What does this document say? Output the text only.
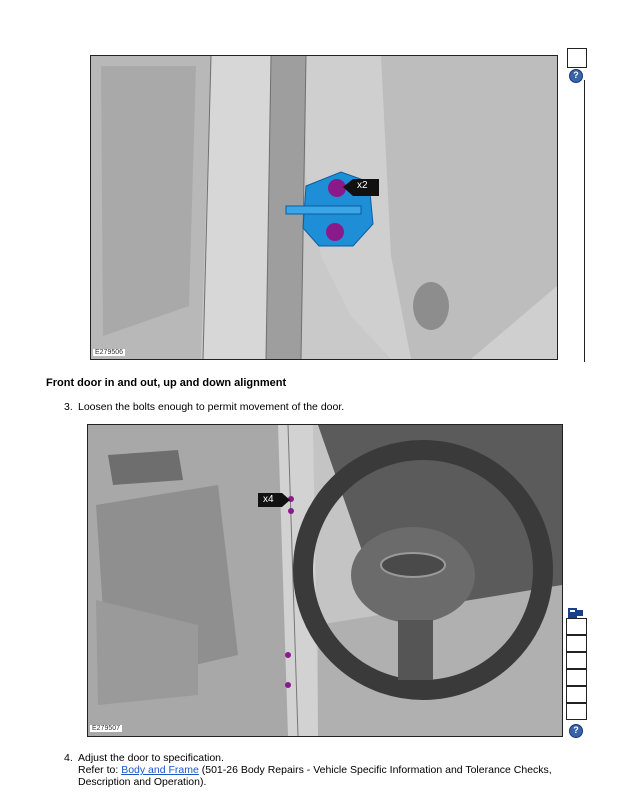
x2
E279506
?
Front door in and out, up and down alignment
3. Loosen the bolts enough to permit movement of the door.
x4
E279507	?
4. Adjust the door to specification.
Refer to: Body and Frame (501-26 Body Repairs - Vehicle Specific Information and Tolerance Checks,
Description and Operation).
